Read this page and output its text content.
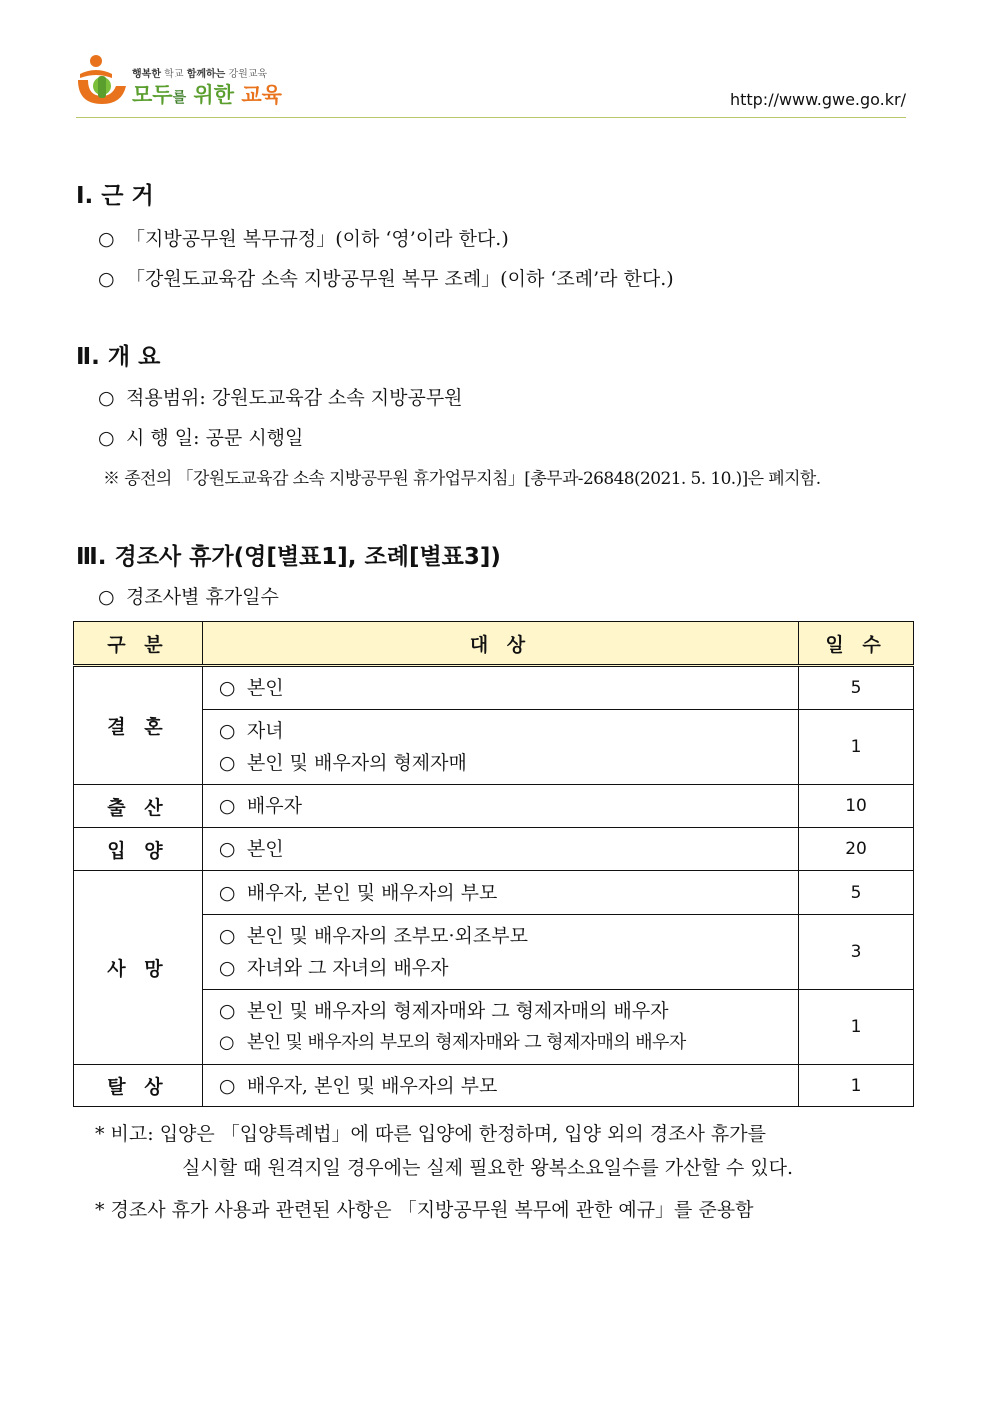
행복한 학교 함께하는 강원교육
모두를 위한 교육	http://www.gwe.go.kr/
Ⅰ. 근 거
○ 「지방공무원 복무규정」(이하 ‘영’이라 한다.)
○ 「강원도교육감 소속 지방공무원 복무 조례」(이하 ‘조례’라 한다.)
Ⅱ. 개 요
○ 적용범위: 강원도교육감 소속 지방공무원
○ 시 행 일: 공문 시행일
※ 종전의 「강원도교육감 소속 지방공무원 휴가업무지침」[총무과-26848(2021. 5. 10.)]은 폐지함.
Ⅲ. 경조사 휴가(영[별표1], 조례[별표3])
○ 경조사별 휴가일수
구 분	대 상	일 수
결 혼	○ 본인	5

	○ 자녀
○ 본인 및 배우자의 형제자매	1
출 산	○ 배우자	10
입 양	○ 본인	20
사 망	○ 배우자, 본인 및 배우자의 부모	5

	○ 본인 및 배우자의 조부모·외조부모
○ 자녀와 그 자녀의 배우자	3

	○ 본인 및 배우자의 형제자매와 그 형제자매의 배우자
○ 본인 및 배우자의 부모의 형제자매와 그 형제자매의 배우자	1
탈 상	○ 배우자, 본인 및 배우자의 부모	1
* 비고: 입양은 「입양특례법」에 따른 입양에 한정하며, 입양 외의 경조사 휴가를
실시할 때 원격지일 경우에는 실제 필요한 왕복소요일수를 가산할 수 있다.
* 경조사 휴가 사용과 관련된 사항은 「지방공무원 복무에 관한 예규」를 준용함
